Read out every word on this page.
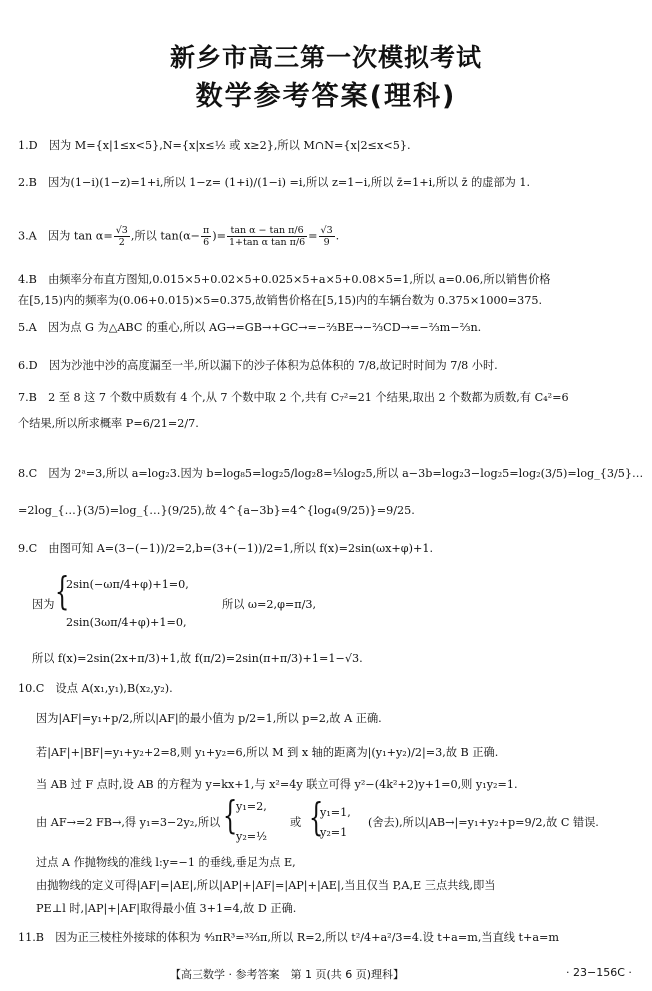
新乡市高三第一次模拟考试
数学参考答案(理科)
1.D　因为 M={x|1≤x<5},N={x|x≤½ 或 x≥2},所以 M∩N={x|2≤x<5}.
2.B　因为(1−i)(1−z)=1+i,所以 1−z= (1+i)/(1−i) =i,所以 z=1−i,所以 z̄=1+i,所以 z̄ 的虚部为 1.
3.A　因为 $\tan \alpha= \frac{√3}{2}$ ,所以 $\tan(\alpha- \frac{\pi}{6}$ )= $\frac{\text{tan α − tan π/6}}{\text{1+tan α tan π/6}} = \frac{√3}{9}$ .
4.B　由频率分布直方图知,0.015×5+0.02×5+0.025×5+a×5+0.08×5=1,所以 a=0.06,所以销售价格
在[5,15)内的频率为(0.06+0.015)×5=0.375,故销售价格在[5,15)内的车辆台数为 0.375×1000=375.
5.A　因为点 G 为△ABC 的重心,所以 AG→=GB→+GC→=−⅔BE→−⅔CD→=−⅔m−⅔n.
6.D　因为沙池中沙的高度漏至一半,所以漏下的沙子体积为总体积的 7/8,故记时时间为 7/8 小时.
7.B　2 至 8 这 7 个数中质数有 4 个,从 7 个数中取 2 个,共有 C₇²=21 个结果,取出 2 个数都为质数,有 C₄²=6
个结果,所以所求概率 P=6/21=2/7.
8.C　因为 2ᵃ=3,所以 a=log₂3.因为 b=log₈5=log₂5/log₂8=⅓log₂5,所以 a−3b=log₂3−log₂5=log₂(3/5)=log_{3/5}…
=2log_{…}(3/5)=log_{…}(9/25),故 4^{a−3b}=4^{log₄(9/25)}=9/25.
9.C　由图可知 A=(3−(−1))/2=2,b=(3+(−1))/2=1,所以 f(x)=2sin(ωx+φ)+1.
因为 {
2sin(−ωπ/4+φ)+1=0,
2sin(3ωπ/4+φ)+1=0,
所以 ω=2,φ=π/3,
所以 f(x)=2sin(2x+π/3)+1,故 f(π/2)=2sin(π+π/3)+1=1−√3.
10.C　设点 A(x₁,y₁),B(x₂,y₂).
因为|AF|=y₁+p/2,所以|AF|的最小值为 p/2=1,所以 p=2,故 A 正确.
若|AF|+|BF|=y₁+y₂+2=8,则 y₁+y₂=6,所以 M 到 x 轴的距离为|(y₁+y₂)/2|=3,故 B 正确.
当 AB 过 F 点时,设 AB 的方程为 y=kx+1,与 x²=4y 联立可得 y²−(4k²+2)y+1=0,则 y₁y₂=1.
由 AF→=2 FB→,得 y₁=3−2y₂,所以 {
y₁=2,
y₂=½
或 {
y₁=1,
y₂=1
(舍去),所以|AB→|=y₁+y₂+p=9/2,故 C 错误.
过点 A 作抛物线的准线 l:y=−1 的垂线,垂足为点 E,
由抛物线的定义可得|AF|=|AE|,所以|AP|+|AF|=|AP|+|AE|,当且仅当 P,A,E 三点共线,即当
PE⊥l 时,|AP|+|AF|取得最小值 3+1=4,故 D 正确.
11.B　因为正三棱柱外接球的体积为 ⁴⁄₃πR³=³²⁄₃π,所以 R=2,所以 t²/4+a²/3=4.设 t+a=m,当直线 t+a=m
【高三数学 · 参考答案　第 1 页(共 6 页)理科】	· 23−156C ·
